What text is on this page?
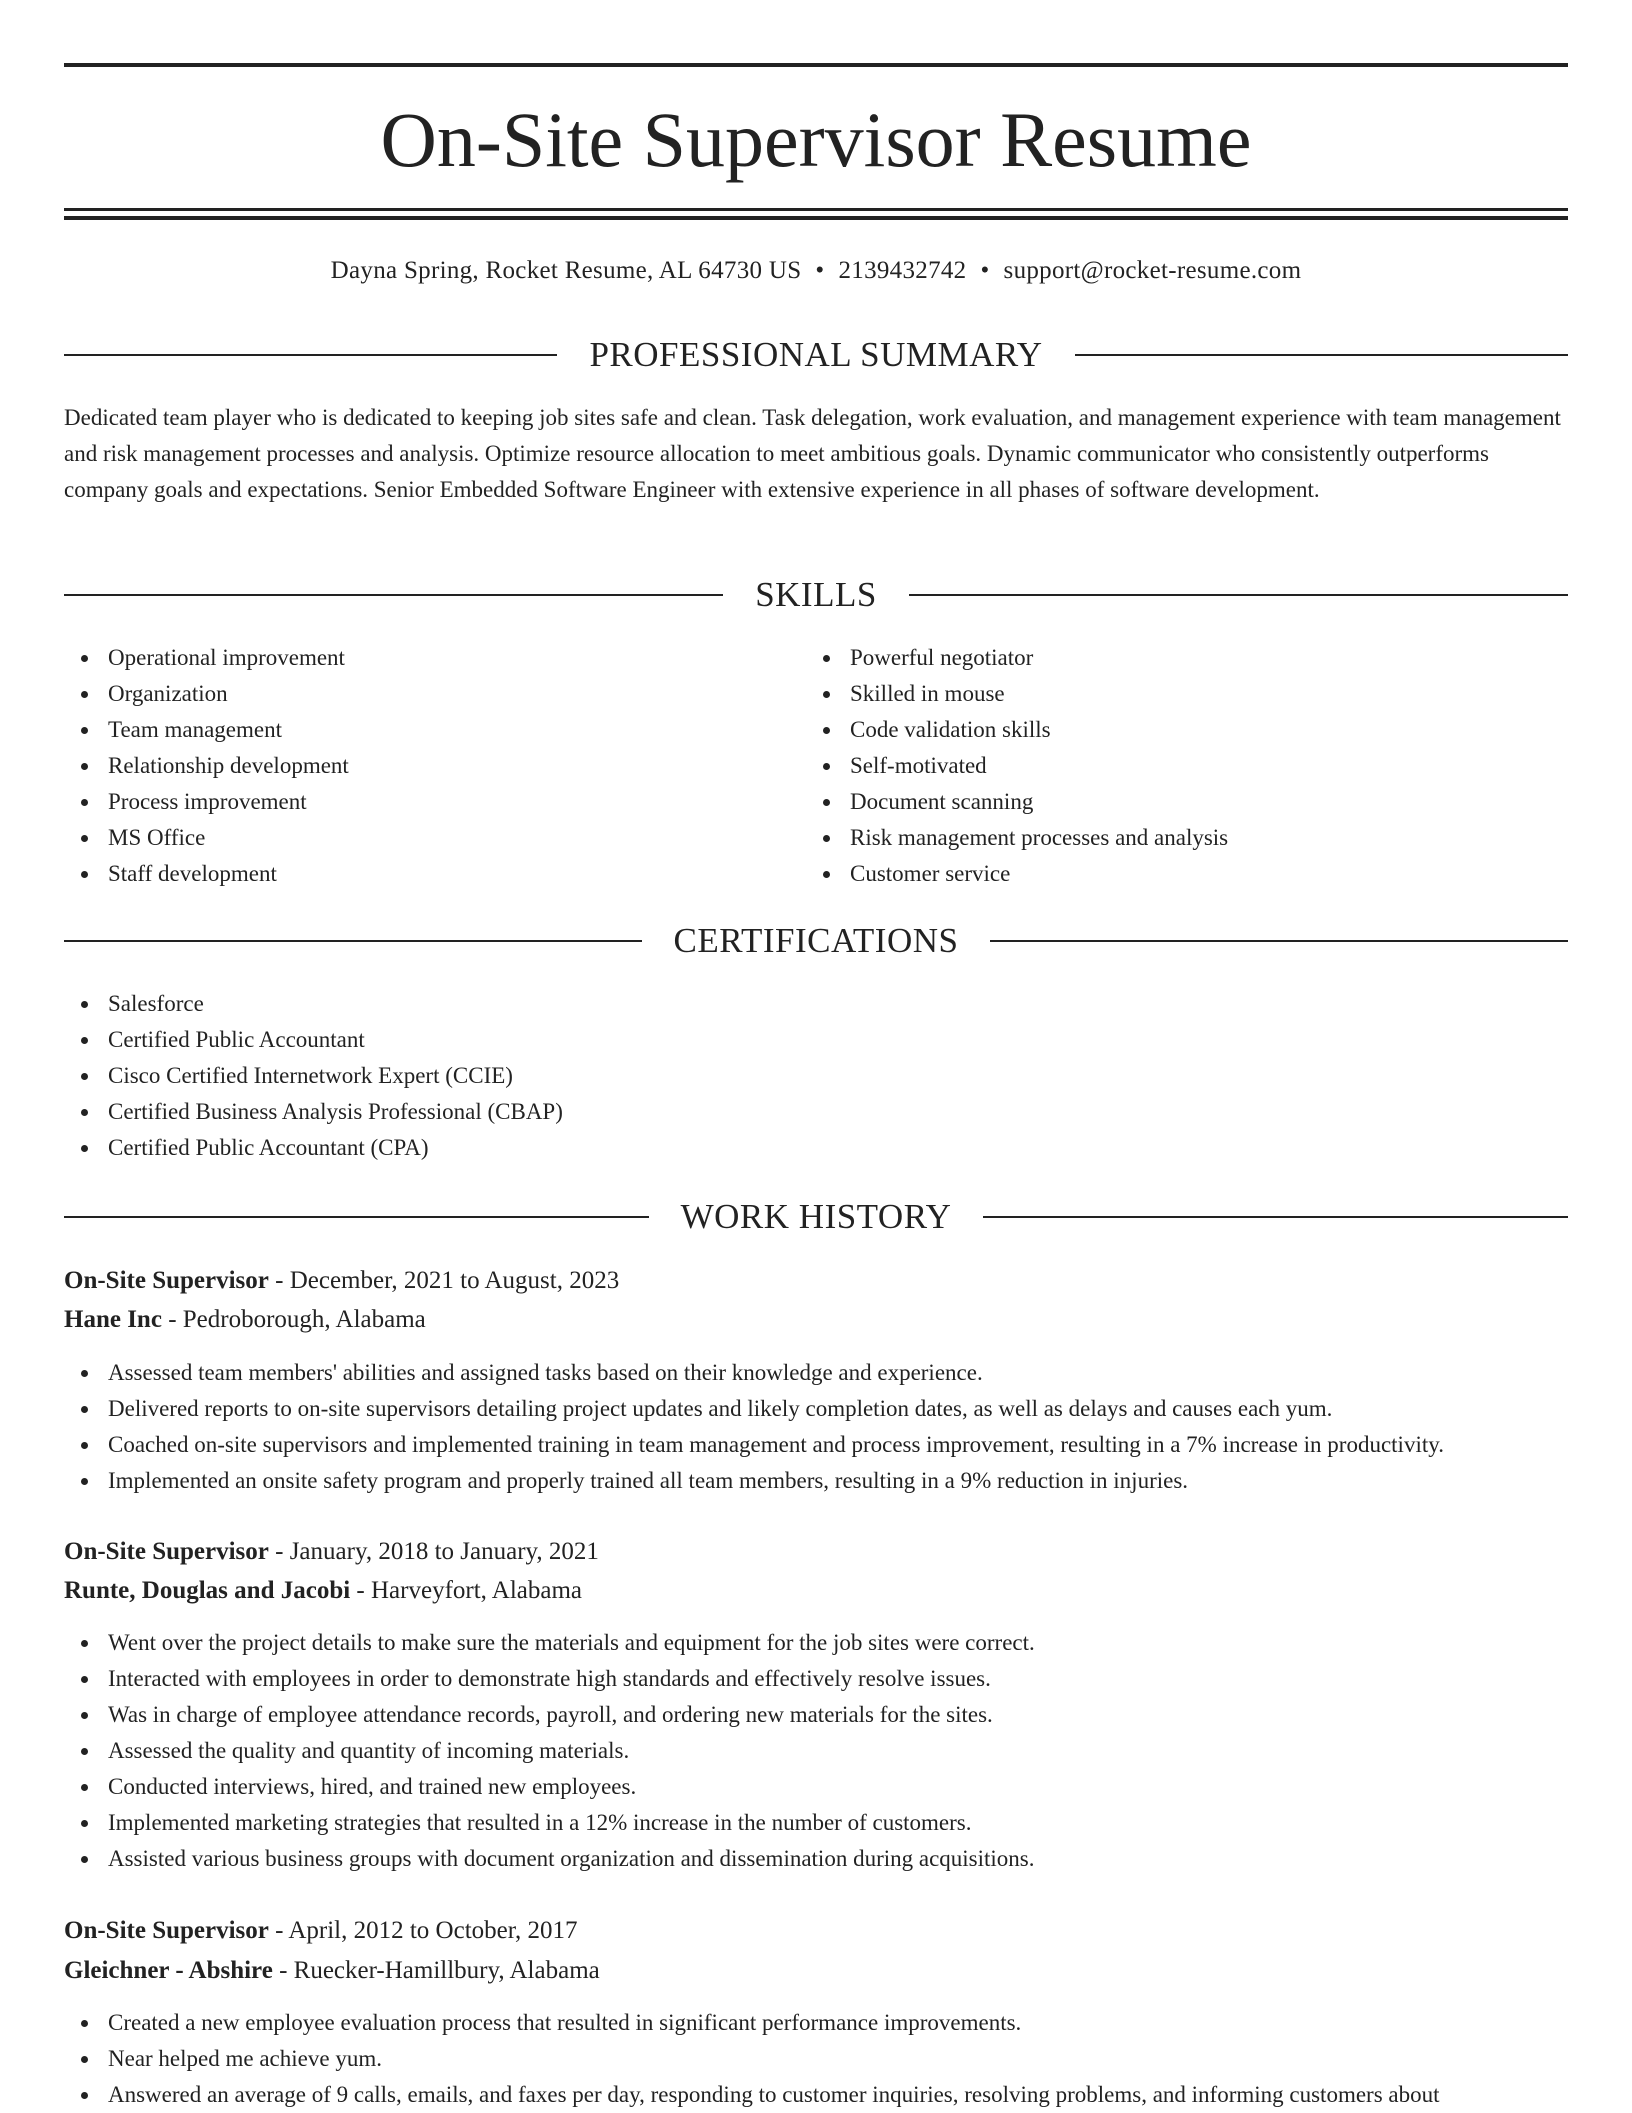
On-Site Supervisor Resume
Dayna Spring, Rocket Resume, AL 64730 US • 2139432742 • support@rocket-resume.com
PROFESSIONAL SUMMARY

Dedicated team player who is dedicated to keeping job sites safe and clean. Task delegation, work evaluation, and management experience with team management and risk management processes and analysis. Optimize resource allocation to meet ambitious goals. Dynamic communicator who consistently outperforms company goals and expectations. Senior Embedded Software Engineer with extensive experience in all phases of software development.

SKILLS
Operational improvement
Organization
Team management
Relationship development
Process improvement
MS Office
Staff development
Powerful negotiator
Skilled in mouse
Code validation skills
Self-motivated
Document scanning
Risk management processes and analysis
Customer service
CERTIFICATIONS
Salesforce
Certified Public Accountant
Cisco Certified Internetwork Expert (CCIE)
Certified Business Analysis Professional (CBAP)
Certified Public Accountant (CPA)
WORK HISTORY
On-Site Supervisor - December, 2021 to August, 2023
Hane Inc - Pedroborough, Alabama
Assessed team members' abilities and assigned tasks based on their knowledge and experience.
Delivered reports to on-site supervisors detailing project updates and likely completion dates, as well as delays and causes each yum.
Coached on-site supervisors and implemented training in team management and process improvement, resulting in a 7% increase in productivity.
Implemented an onsite safety program and properly trained all team members, resulting in a 9% reduction in injuries.
On-Site Supervisor - January, 2018 to January, 2021
Runte, Douglas and Jacobi - Harveyfort, Alabama
Went over the project details to make sure the materials and equipment for the job sites were correct.
Interacted with employees in order to demonstrate high standards and effectively resolve issues.
Was in charge of employee attendance records, payroll, and ordering new materials for the sites.
Assessed the quality and quantity of incoming materials.
Conducted interviews, hired, and trained new employees.
Implemented marketing strategies that resulted in a 12% increase in the number of customers.
Assisted various business groups with document organization and dissemination during acquisitions.
On-Site Supervisor - April, 2012 to October, 2017
Gleichner - Abshire - Ruecker-Hamillbury, Alabama
Created a new employee evaluation process that resulted in significant performance improvements.
Near helped me achieve yum.
Answered an average of 9 calls, emails, and faxes per day, responding to customer inquiries, resolving problems, and informing customers about
